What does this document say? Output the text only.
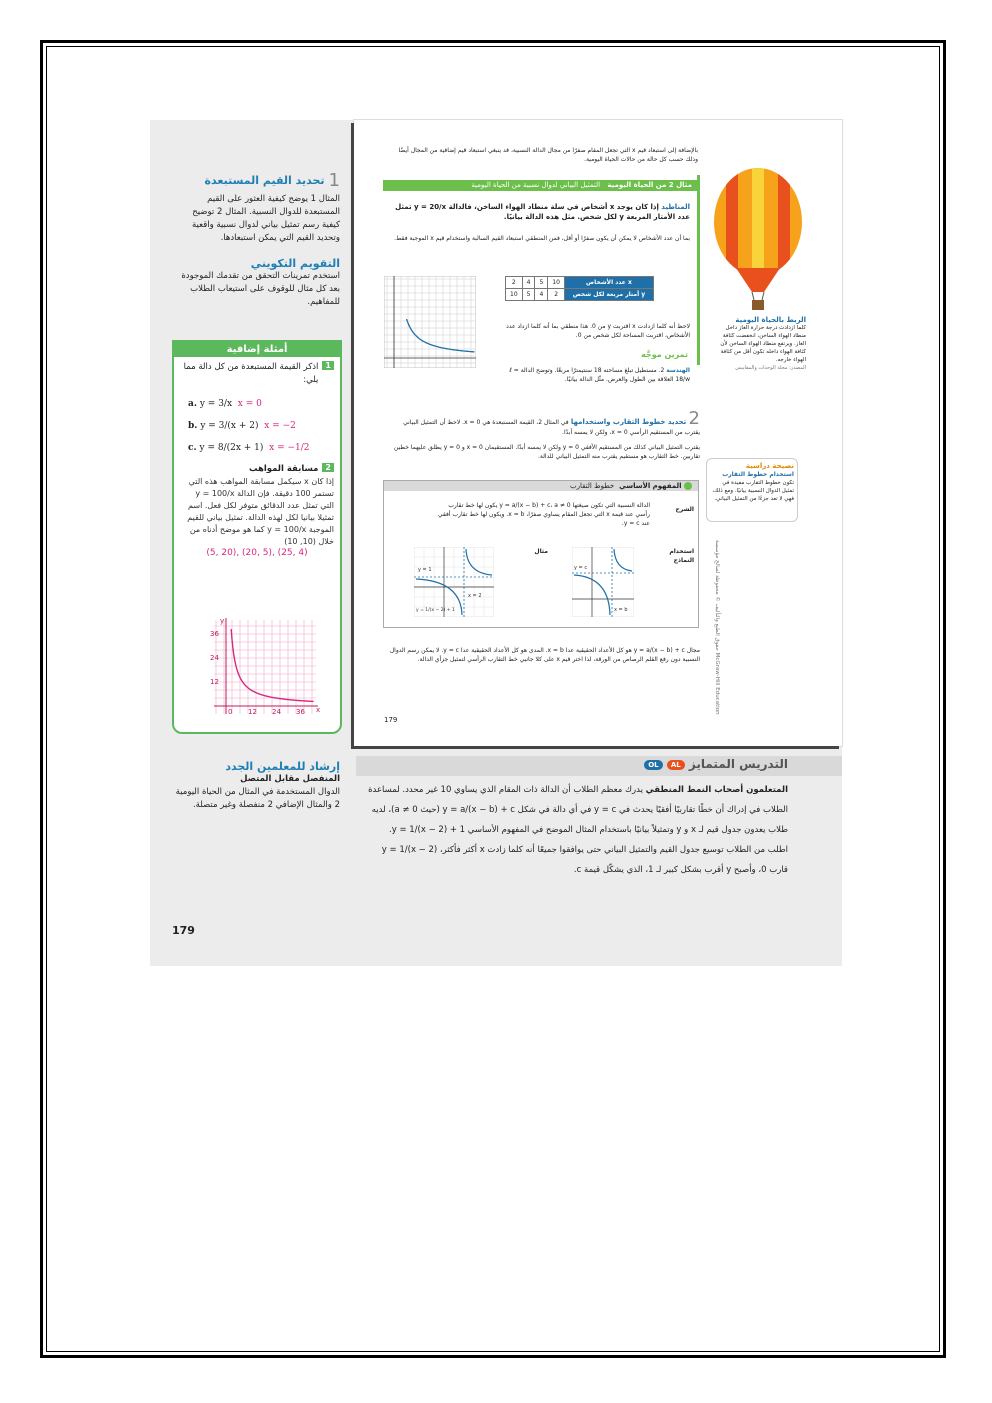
1
تحديد القيم المستبعدة
المثال 1 يوضح كيفية العثور على القيم المستبعدة للدوال النسبية. المثال 2 توضيح كيفية رسم تمثيل بياني لدوال نسبية واقعية وتحديد القيم التي يمكن استبعادها.
التقويم التكويني
استخدم تمرينات التحقق من تقدمك الموجودة بعد كل مثال للوقوف على استيعاب الطلاب للمفاهيم.
أمثلة إضافية
1
اذكر القيمة المستبعدة من كل دالة مما يلي:
a. y = 3/x x = 0
b. y = 3/(x + 2) x = −2
c. y = 8/(2x + 1) x = −1/2
2
مسابقة المواهب
إذا كان x سيكمل مسابقة المواهب هذه التي تستمر 100 دقيقة. فإن الدالة y = 100/x التي تمثل عدد الدقائق متوفر لكل فعل. اسم تمثيلا بيانيا لكل لهذه الدالة. تمثيل بياني للقيم الموجبة y = 100/x كما هو موضح أدناه من خلال (10, 10)
(5, 20), (20, 5), (25, 4)
y
x
36
24
12
0 12 24 36
إرشاد للمعلمين الجدد
المنفصل مقابل المتصل
الدوال المستخدمة في المثال من الحياة اليومية 2 والمثال الإضافي 2 منفصلة وغير متصلة.
179
بالإضافة إلى استبعاد قيم x التي تجعل المقام صفرًا من مجال الدالة النسبية، قد ينبغي استبعاد قيم إضافية من المجال أيضًا وذلك حسب كل حالة من حالات الحياة اليومية.
مثال 2 من الحياة اليومية   التمثيل البياني لدوال نسبية من الحياة اليومية
المناطيد إذا كان يوجد x أشخاص في سلة منطاد الهواء الساخن، فالدالة y = 20/x تمثل عدد الأمتار المربعة y لكل شخص. مثل هذه الدالة بيانيًا.
بما أن عدد الأشخاص لا يمكن أن يكون صفرًا أو أقل، فمن المنطقي استبعاد القيم السالبة واستخدام قيم x الموجبة فقط.
2	4	5	10	عدد الأشخاص x
10	5	4	2	أمتار مربعة لكل شخص y
لاحظ أنه كلما ازدادت x اقتربت y من 0. هذا منطقي بما أنه كلما ازداد عدد الأشخاص، اقتربت المساحة لكل شخص من 0.
تمرين موجَّه
الهندسة 2. مستطيل تبلغ مساحته 18 سنتيمترًا مربعًا. وتوضح الدالة ℓ = 18/w العلاقة بين الطول والعرض. مثّل الدالة بيانيًا.
الربط بالحياة اليومية
كلما ازدادت درجة حرارة الغاز داخل منطاد الهواء الساخن، انخفضت كثافة الغاز. ويرتفع منطاد الهواء الساخن لأن كثافة الهواء داخله تكون أقل من كثافة الهواء خارجه.
المصدر: مجلة الوحدات والمقاييس
2 تحديد خطوط التقارب واستخدامها في المثال 2، القيمة المستبعدة هي x = 0. لاحظ أن التمثيل البياني يقترب من المستقيم الرأسي x = 0، ولكن لا يمسه أبدًا.
يقترب التمثيل البياني كذلك من المستقيم الأفقي y = 0 ولكن لا يمسه أبدًا. المستقيمان x = 0 و y = 0 يطلق عليهما خطين تقاربين. خط التقارب هو مستقيم يقترب منه التمثيل البياني للدالة.
نصيحة دراسية
استخدام خطوط التقارب
تكون خطوط التقارب مفيدة في تمثيل الدوال النسبية بيانيًا. ومع ذلك، فهي لا تعد جزءًا من التمثيل البياني.
المفهوم الأساسي  خطوط التقارب
الشرح
الدالة النسبية التي تكون صيغتها y = a/(x − b) + c، a ≠ 0 يكون لها خط تقارب رأسي عند قيمة x التي تجعل المقام يساوي صفرًا، x = b. ويكون لها خط تقارب أفقي عند y = c.
استخدام النماذج
مثال
y = c
x = b
y = 1
x = 2
y = 1/(x − 2) + 1
مجال y = a/(x − b) + c هو كل الأعداد الحقيقية عدا x = b. المدى هو كل الأعداد الحقيقية عدا y = c. لا يمكن رسم الدوال النسبية دون رفع القلم الرصاص من الورقة، لذا اختر قيم x على كلا جانبي خط التقارب الرأسي لتمثيل جزأي الدالة.
179
حقوق الطبع والتأليف © محفوظة لصالح مؤسسة McGraw-Hill Education
التدريس المتمايز AL OL
المتعلمون أصحاب النمط المنطقي يدرك معظم الطلاب أن الدالة ذات المقام الذي يساوي 10 غير محدد. لمساعدة الطلاب في إدراك أن خطًا تقاربيًا أفقيًا يحدث في y = c في أي دالة في شكل y = a/(x − b) + c (حيث a ≠ 0)، لديه طلاب يعدون جدول قيم لـ x و y وتمثيلاً بيانيًا باستخدام المثال الموضح في المفهوم الأساسي y = 1/(x − 2) + 1. اطلب من الطلاب توسيع جدول القيم والتمثيل البياني حتى يوافقوا جميعًا أنه كلما زادت x أكثر فأكثر، y = 1/(x − 2) قارب 0، وأصبح y أقرب بشكل كبير لـ 1، الذي يشكّل قيمة c.
